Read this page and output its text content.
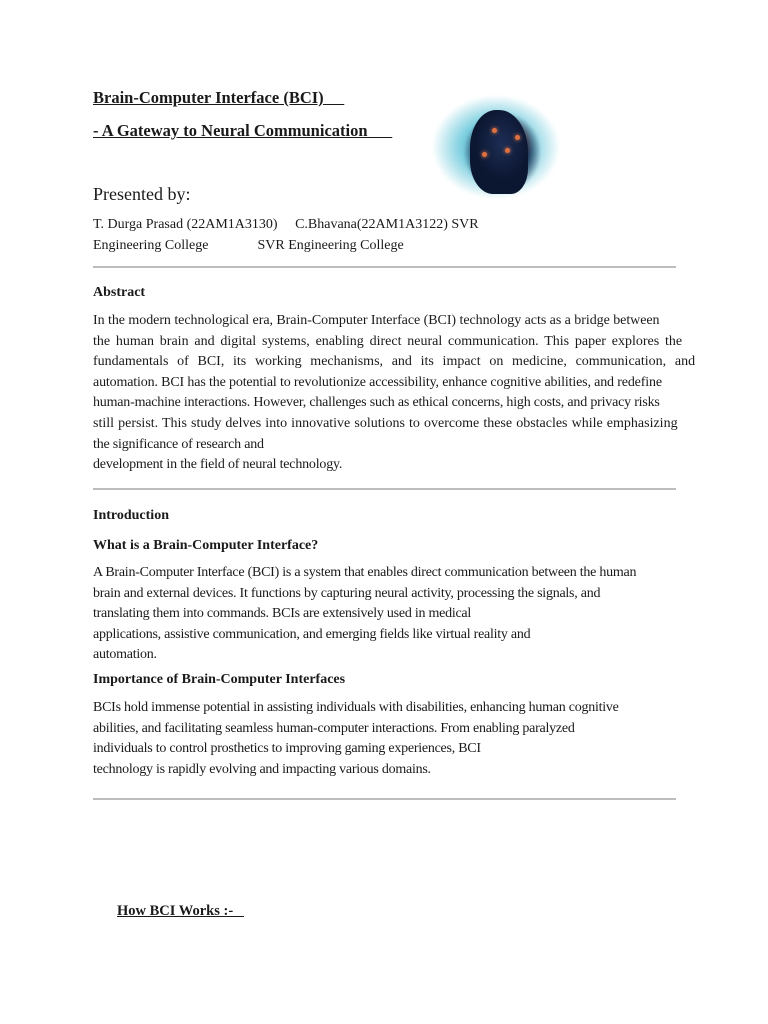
Brain-Computer Interface (BCI)
- A Gateway to Neural Communication
Presented by:
T. Durga Prasad (22AM1A3130)     C.Bhavana(22AM1A3122) SVR
Engineering College              SVR Engineering College
Abstract
In the modern technological era, Brain-Computer Interface (BCI) technology acts as a bridge between
the human brain and digital systems, enabling direct neural communication. This paper explores the
fundamentals of BCI, its working mechanisms, and its impact on medicine, communication, and
automation. BCI has the potential to revolutionize accessibility, enhance cognitive abilities, and redefine
human-machine interactions. However, challenges such as ethical concerns, high costs, and privacy risks
still persist. This study delves into innovative solutions to overcome these obstacles while emphasizing
the significance of research and
development in the field of neural technology.
Introduction
What is a Brain-Computer Interface?
A Brain-Computer Interface (BCI) is a system that enables direct communication between the human
brain and external devices. It functions by capturing neural activity, processing the signals, and
translating them into commands. BCIs are extensively used in medical
applications, assistive communication, and emerging fields like virtual reality and
automation.
Importance of Brain-Computer Interfaces
BCIs hold immense potential in assisting individuals with disabilities, enhancing human cognitive
abilities, and facilitating seamless human-computer interactions. From enabling paralyzed
individuals to control prosthetics to improving gaming experiences, BCI
technology is rapidly evolving and impacting various domains.
How BCI Works :-
